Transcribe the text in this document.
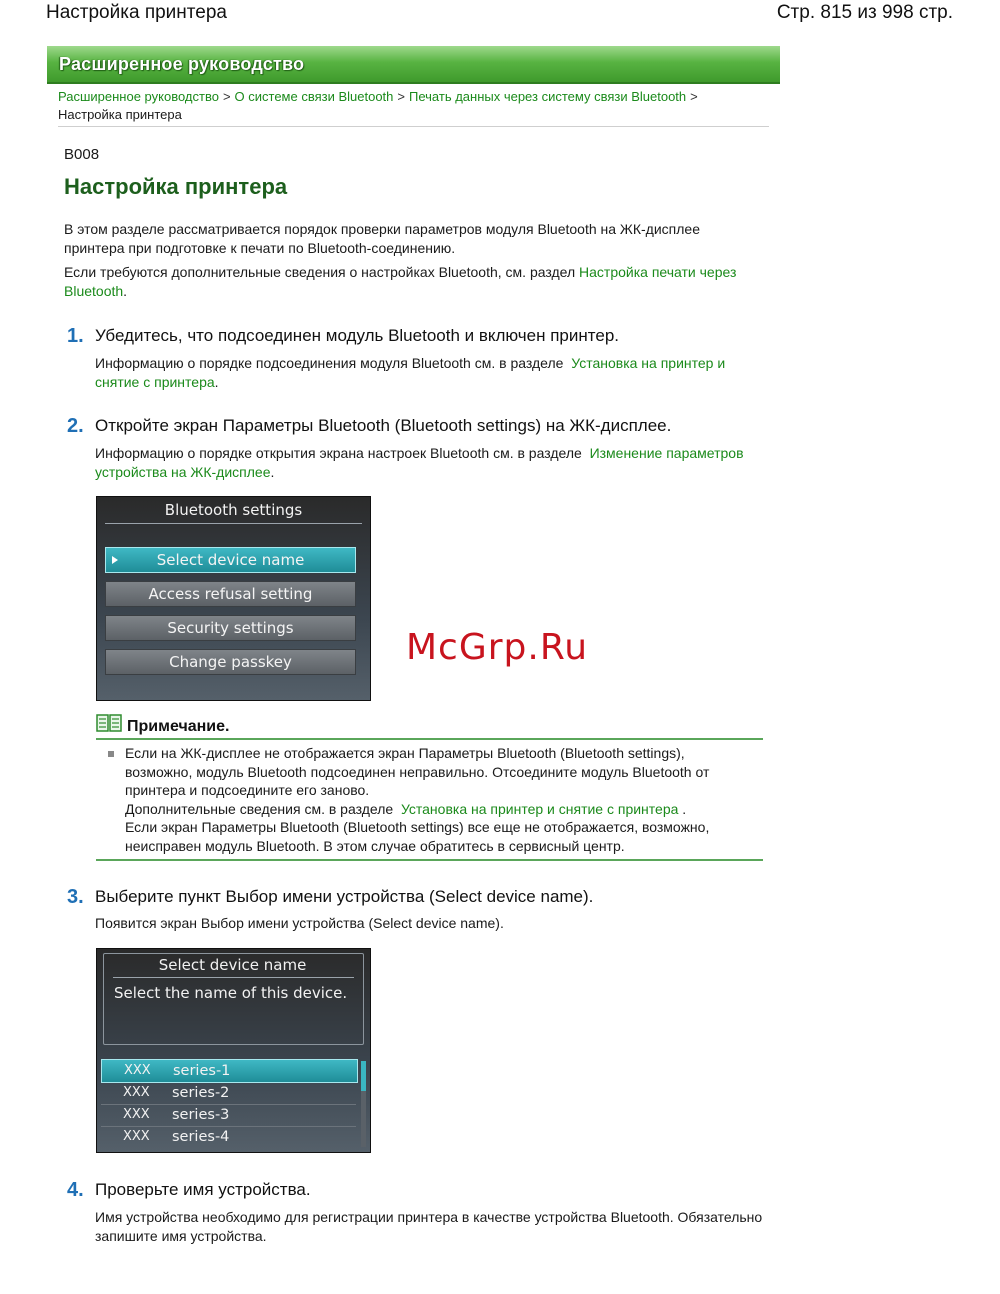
Настройка принтера	Стр. 815 из 998 стр.
Расширенное руководство
Расширенное руководство > О системе связи Bluetooth > Печать данных через систему связи Bluetooth >
Настройка принтера
B008
Настройка принтера
В этом разделе рассматривается порядок проверки параметров модуля Bluetooth на ЖК-дисплее принтера при подготовке к печати по Bluetooth-соединению.
Если требуются дополнительные сведения о настройках Bluetooth, см. раздел Настройка печати через Bluetooth.
1. Убедитесь, что подсоединен модуль Bluetooth и включен принтер.
Информацию о порядке подсоединения модуля Bluetooth см. в разделе Установка на принтер и снятие с принтера.
2. Откройте экран Параметры Bluetooth (Bluetooth settings) на ЖК-дисплее.
Информацию о порядке открытия экрана настроек Bluetooth см. в разделе Изменение параметров устройства на ЖК-дисплее.
Bluetooth settings
Select device name
Access refusal setting
Security settings
Change passkey	McGrp.Ru
Примечание.
Если на ЖК-дисплее не отображается экран Параметры Bluetooth (Bluetooth settings), возможно, модуль Bluetooth подсоединен неправильно. Отсоедините модуль Bluetooth от принтера и подсоедините его заново.
Дополнительные сведения см. в разделе Установка на принтер и снятие с принтера .
Если экран Параметры Bluetooth (Bluetooth settings) все еще не отображается, возможно, неисправен модуль Bluetooth. В этом случае обратитесь в сервисный центр.
3. Выберите пункт Выбор имени устройства (Select device name).
Появится экран Выбор имени устройства (Select device name).
Select device name
Select the name of this device.
XXX series-1
XXX series-2
XXX series-3
XXX series-4
4. Проверьте имя устройства.
Имя устройства необходимо для регистрации принтера в качестве устройства Bluetooth. Обязательно запишите имя устройства.
